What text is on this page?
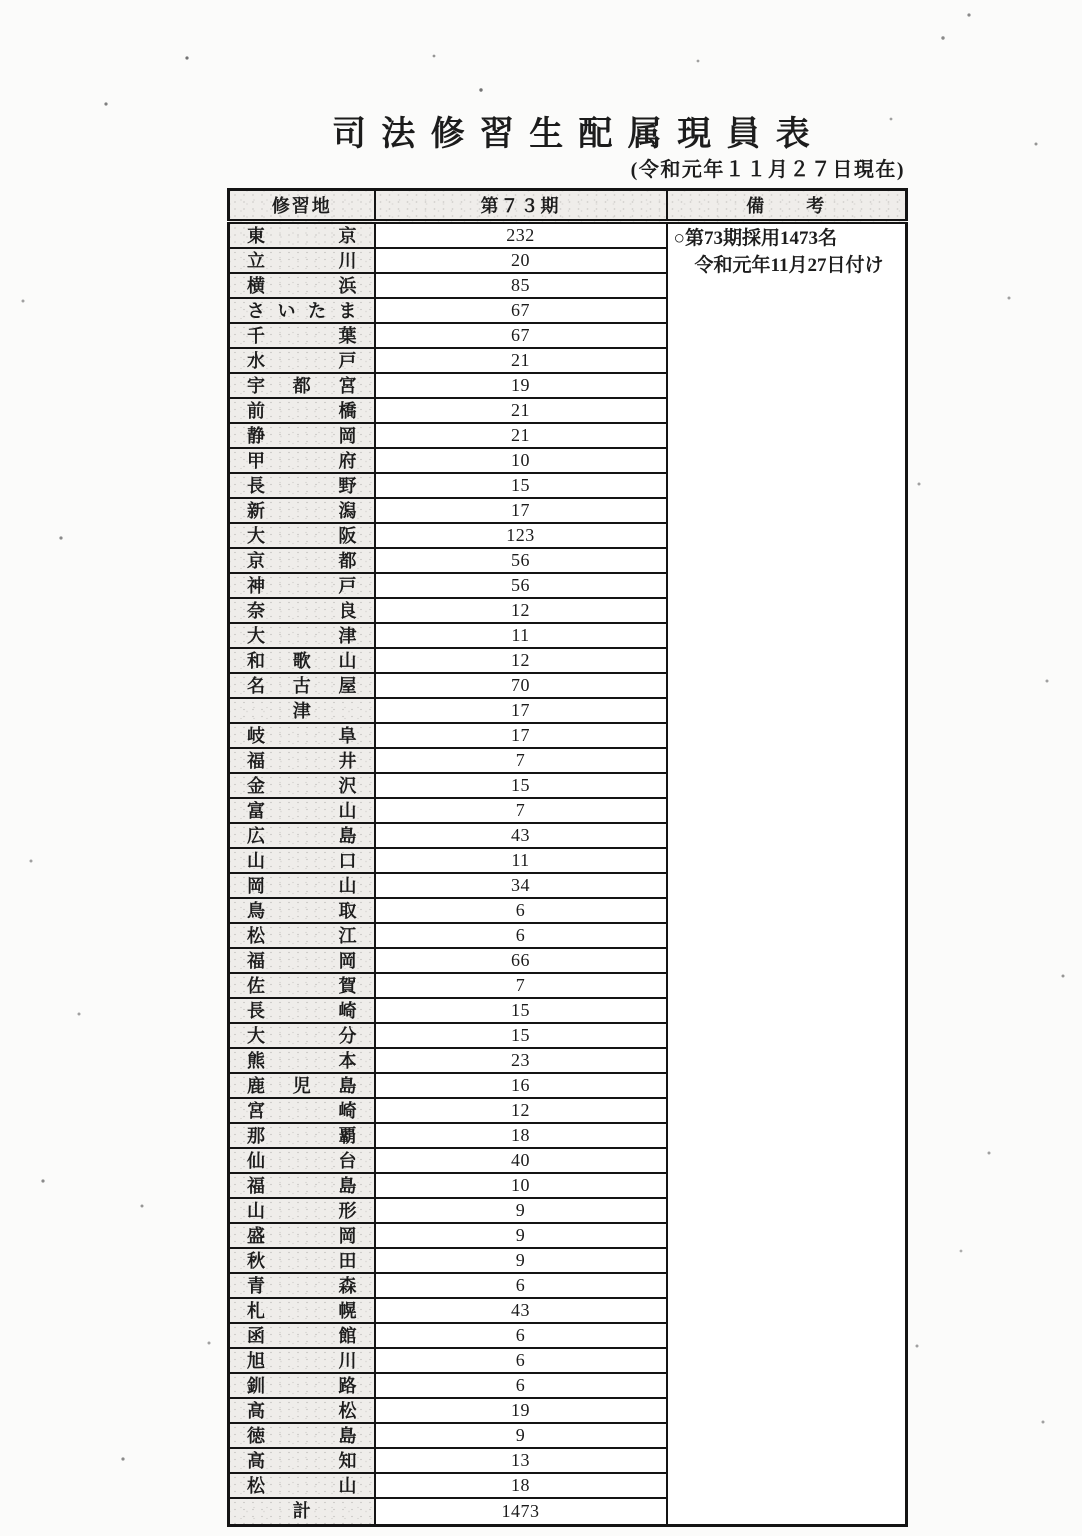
司法修習生配属現員表
(令和元年１１月２７日現在)
修習地	第７３期	備　　考

東京	232	○第73期採用1473名
令和元年11月27日付け

立川	20	

横浜	85	

さいたま	67	

千葉	67	

水戸	21	

宇都宮	19	

前橋	21	

静岡	21	

甲府	10	

長野	15	

新潟	17	

大阪	123	

京都	56	

神戸	56	

奈良	12	

大津	11	

和歌山	12	

名古屋	70	

津	17	

岐阜	17	

福井	7	

金沢	15	

富山	7	

広島	43	

山口	11	

岡山	34	

鳥取	6	

松江	6	

福岡	66	

佐賀	7	

長崎	15	

大分	15	

熊本	23	

鹿児島	16	

宮崎	12	

那覇	18	

仙台	40	

福島	10	

山形	9	

盛岡	9	

秋田	9	

青森	6	

札幌	43	

函館	6	

旭川	6	

釧路	6	

高松	19	

徳島	9	

高知	13	

松山	18	

計	1473	
